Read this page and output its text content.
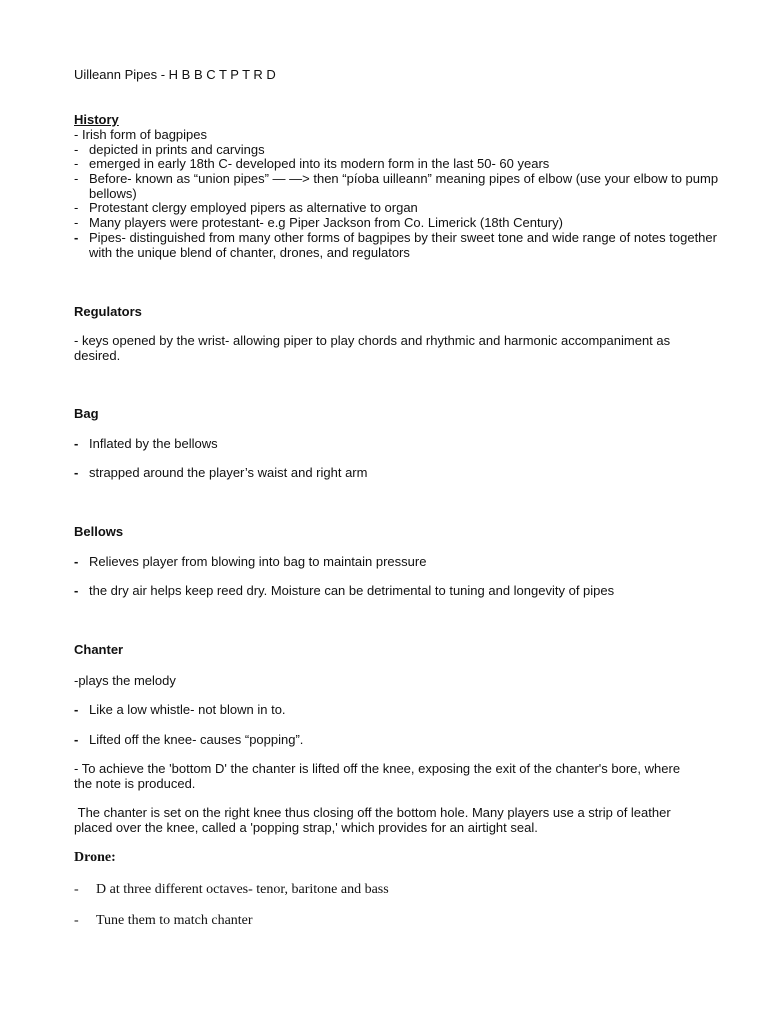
Uilleann Pipes - H B B C T P T R D

History

- Irish form of bagpipes

- depicted in prints and carvings

- emerged in early 18th C- developed into its modern form in the last 50- 60 years

- Before- known as “union pipes” — —> then “píoba uilleann” meaning pipes of elbow (use your elbow to pump bellows)

- Protestant clergy employed pipers as alternative to organ

- Many players were protestant- e.g Piper Jackson from Co. Limerick (18th Century)

- Pipes- distinguished from many other forms of bagpipes by their sweet tone and wide range of notes together with the unique blend of chanter, drones, and regulators

Regulators

- keys opened by the wrist- allowing piper to play chords and rhythmic and harmonic accompaniment as desired.

Bag

- Inflated by the bellows

- strapped around the player’s waist and right arm

Bellows

- Relieves player from blowing into bag to maintain pressure

- the dry air helps keep reed dry. Moisture can be detrimental to tuning and longevity of pipes

Chanter

-plays the melody

- Like a low whistle- not blown in to.

- Lifted off the knee- causes “popping”.

- To achieve the 'bottom D' the chanter is lifted off the knee, exposing the exit of the chanter's bore, where the note is produced.

The chanter is set on the right knee thus closing off the bottom hole. Many players use a strip of leather placed over the knee, called a 'popping strap,' which provides for an airtight seal.

Drone:

- D at three different octaves- tenor, baritone and bass

- Tune them to match chanter
